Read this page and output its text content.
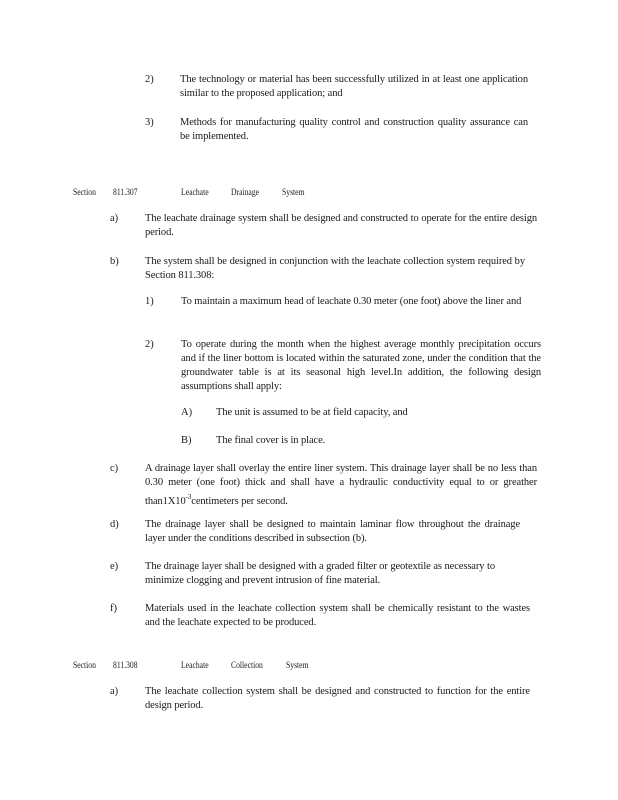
2)	The technology or material has been successfully utilized in at least one application similar to the proposed application; and
3)	Methods for manufacturing quality control and construction quality assurance can be implemented.
Section 811.307	Leachate Drainage	System
a)	The leachate drainage system shall be designed and constructed to operate for the entire design period.
b)	The system shall be designed in conjunction with the leachate collection system required by Section 811.308:
1)	To maintain a maximum head of leachate 0.30 meter (one foot) above the liner and
2)	To operate during the month when the highest average monthly precipitation occurs and if the liner bottom is located within the saturated zone, under the condition that the groundwater table is at its seasonal high level.In addition, the following design assumptions shall apply:
A) The unit is assumed to be at field capacity, and
B) The final cover is in place.
c)	A drainage layer shall overlay the entire liner system. This drainage layer shall be no less than 0.30 meter (one foot) thick and shall have a hydraulic conductivity equal to or greather $than1X10^{-3}centimeters$ per second.
d)	The drainage layer shall be designed to maintain laminar flow throughout the drainage layer under the conditions described in subsection (b).
e)	The drainage layer shall be designed with a graded filter or geotextile as necessary to minimize clogging and prevent intrusion of fine material.
f)	Materials used in the leachate collection system shall be chemically resistant to the wastes and the leachate expected to be produced.
Section 811.308	Leachate Collection	System
a)	The leachate collection system shall be designed and constructed to function for the entire design period.
